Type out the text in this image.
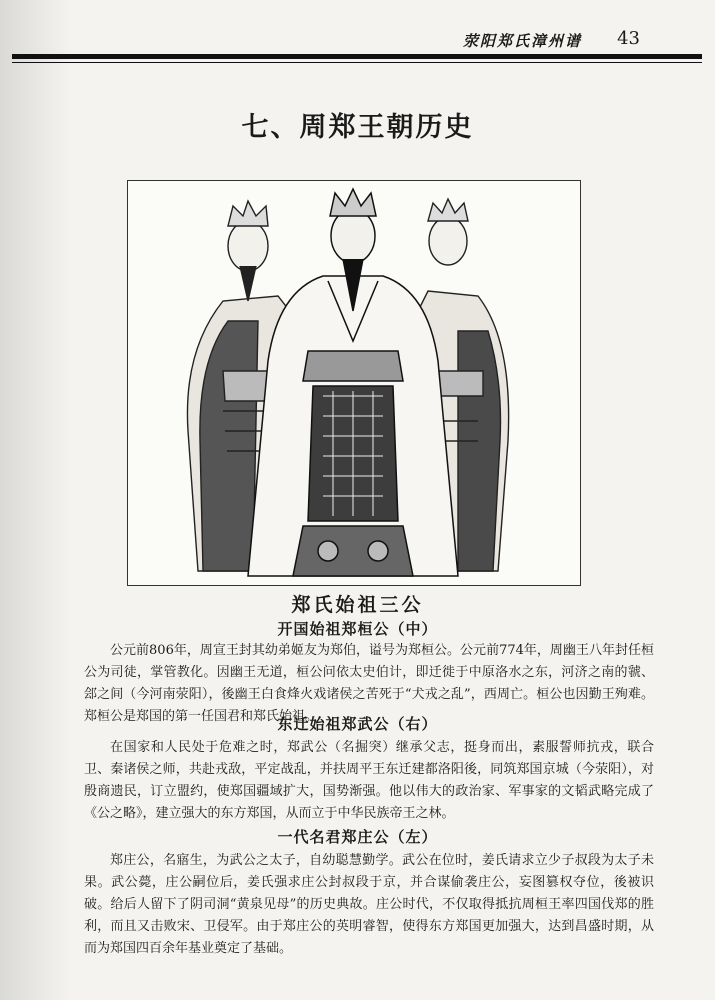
荥阳郑氏漳州谱 43
七、周郑王朝历史
郑氏始祖三公
开国始祖郑桓公（中）
公元前806年，周宣王封其幼弟姬友为郑伯，谥号为郑桓公。公元前774年，周幽王八年封任桓公为司徒，掌管教化。因幽王无道，桓公问依太史伯计，即迁徙于中原洛水之东，河济之南的虢、郐之间（今河南荥阳），後幽王白食烽火戏诸侯之苦死于“犬戎之乱”，西周亡。桓公也因勤王殉难。郑桓公是郑国的第一任国君和郑氏始祖。
东迁始祖郑武公（右）
在国家和人民处于危难之时，郑武公（名掘突）继承父志，挺身而出，素服誓师抗戎，联合卫、秦诸侯之师，共赴戎敌，平定战乱，并扶周平王东迁建都洛阳後，同筑郑国京城（今荥阳），对殷商遗民，订立盟约，使郑国疆域扩大，国势渐强。他以伟大的政治家、军事家的文韬武略完成了《公之略》，建立强大的东方郑国，从而立于中华民族帝王之林。
一代名君郑庄公（左）
郑庄公，名寤生，为武公之太子，自幼聪慧勤学。武公在位时，姜氏请求立少子叔段为太子未果。武公薨，庄公嗣位后，姜氏强求庄公封叔段于京，并合谋偷袭庄公，妄图篡权夺位，後被识破。给后人留下了阴司洞“黄泉见母”的历史典故。庄公时代，不仅取得抵抗周桓王率四国伐郑的胜利，而且又击败宋、卫侵军。由于郑庄公的英明睿智，使得东方郑国更加强大，达到昌盛时期，从而为郑国四百余年基业奠定了基础。
